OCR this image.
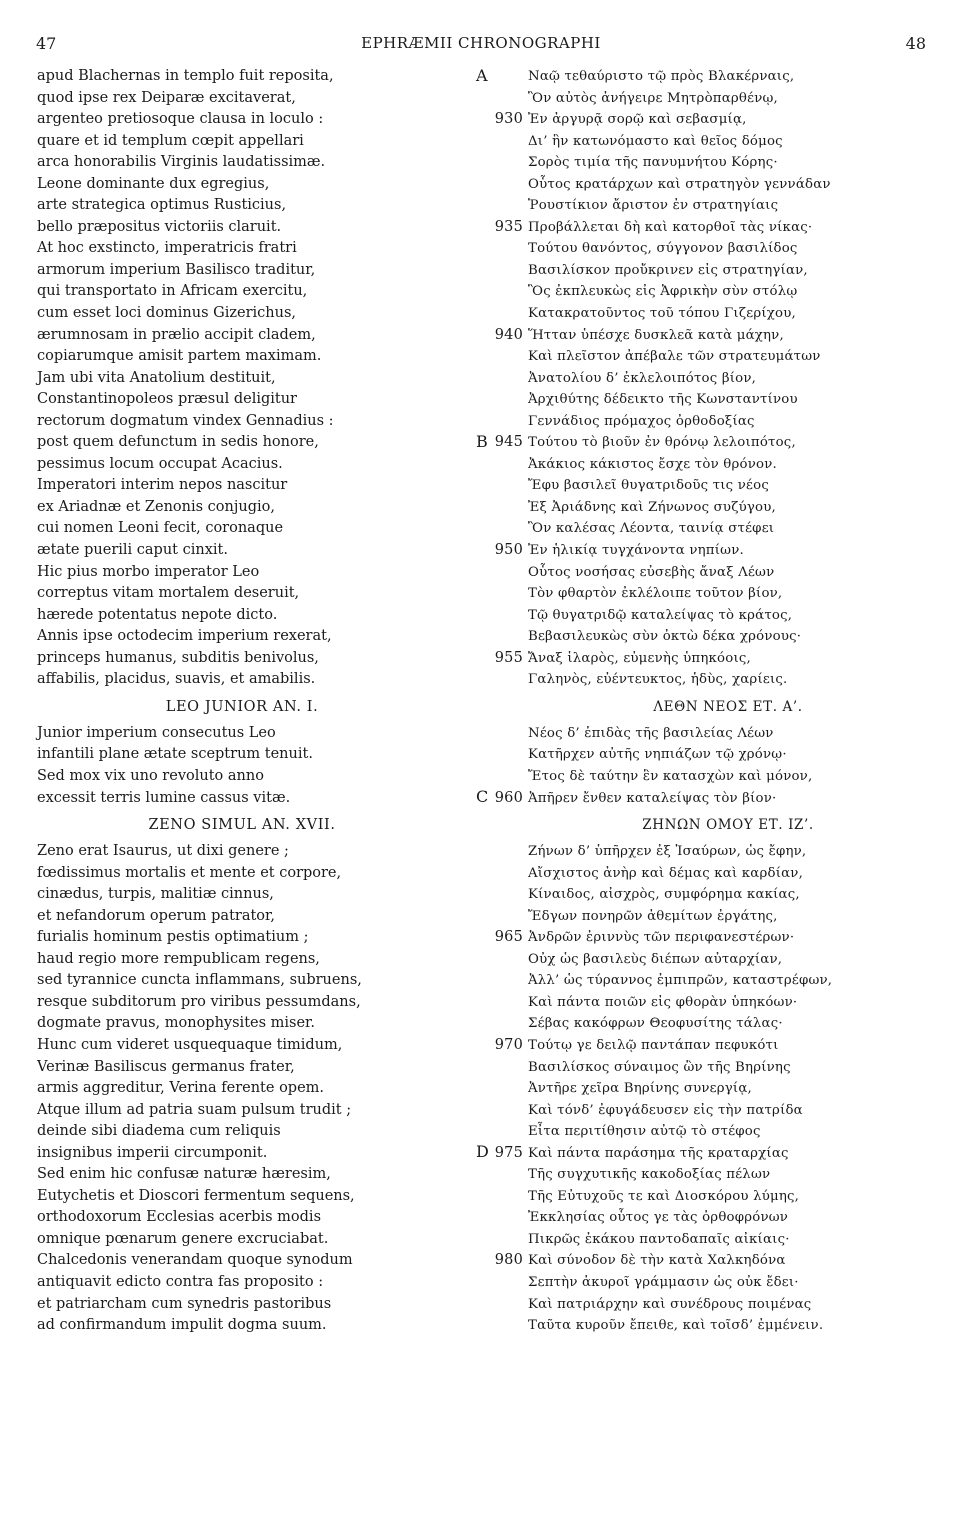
47	EPHRÆMII CHRONOGRAPHI	48
A
B
C
D
apud Blachernas in templo fuit reposita,
quod ipse rex Deiparæ excitaverat,
argenteo pretiosoque clausa in loculo :
quare et id templum cœpit appellari
arca honorabilis Virginis laudatissimæ.
Leone dominante dux egregius,
arte strategica optimus Rusticius,
bello præpositus victoriis claruit.
At hoc exstincto, imperatricis fratri
armorum imperium Basilisco traditur,
qui transportato in Africam exercitu,
cum esset loci dominus Gizerichus,
ærumnosam in prælio accipit cladem,
copiarumque amisit partem maximam.
Jam ubi vita Anatolium destituit,
Constantinopoleos præsul deligitur
rectorum dogmatum vindex Gennadius :
post quem defunctum in sedis honore,
pessimus locum occupat Acacius.
Imperatori interim nepos nascitur
ex Ariadnæ et Zenonis conjugio,
cui nomen Leoni fecit, coronaque
ætate puerili caput cinxit.
Hic pius morbo imperator Leo
correptus vitam mortalem deseruit,
hærede potentatus nepote dicto.
Annis ipse octodecim imperium rexerat,
princeps humanus, subditis benivolus,
affabilis, placidus, suavis, et amabilis.
LEO JUNIOR AN. I.
Junior imperium consecutus Leo
infantili plane ætate sceptrum tenuit.
Sed mox vix uno revoluto anno
excessit terris lumine cassus vitæ.
ZENO SIMUL AN. XVII.
Zeno erat Isaurus, ut dixi genere ;
fœdissimus mortalis et mente et corpore,
cinædus, turpis, malitiæ cinnus,
et nefandorum operum patrator,
furialis hominum pestis optimatium ;
haud regio more rempublicam regens,
sed tyrannice cuncta inflammans, subruens,
resque subditorum pro viribus pessumdans,
dogmate pravus, monophysites miser.
Hunc cum videret usquequaque timidum,
Verinæ Basiliscus germanus frater,
armis aggreditur, Verina ferente opem.
Atque illum ad patria suam pulsum trudit ;
deinde sibi diadema cum reliquis
insignibus imperii circumponit.
Sed enim hic confusæ naturæ hæresim,
Eutychetis et Dioscori fermentum sequens,
orthodoxorum Ecclesias acerbis modis
omnique pœnarum genere excruciabat.
Chalcedonis venerandam quoque synodum
antiquavit edicto contra fas proposito :
et patriarcham cum synedris pastoribus
ad confirmandum impulit dogma suum.
Ναῷ τεθαύριστο τῷ πρὸς Βλακέρναις,
Ὃν αὐτὸς ἀνήγειρε Μητρὸπαρθένῳ,
930 Ἐν ἀργυρᾷ σορῷ καὶ σεβασμίᾳ,
Δι’ ἣν κατωνόμαστο καὶ θεῖος δόμος
Σορὸς τιμία τῆς πανυμνήτου Κόρης·
Οὗτος κρατάρχων καὶ στρατηγὸν γεννάδαν
Ῥουστίκιον ἄριστον ἐν στρατηγίαις
935 Προβάλλεται δὴ καὶ κατορθοῖ τὰς νίκας·
Τούτου θανόντος, σύγγονον βασιλίδος
Βασιλίσκον προὔκρινεν εἰς στρατηγίαν,
Ὃς ἐκπλευκὼς εἰς Ἀφρικὴν σὺν στόλῳ
Κατακρατοῦντος τοῦ τόπου Γιζερίχου,
940 Ἥτταν ὑπέσχε δυσκλεᾶ κατὰ μάχην,
Καὶ πλεῖστον ἀπέβαλε τῶν στρατευμάτων
Ἀνατολίου δ’ ἐκλελοιπότος βίον,
Ἀρχιθύτης δέδεικτο τῆς Κωνσταντίνου
Γεννάδιος πρόμαχος ὀρθοδοξίας
945 Τούτου τὸ βιοῦν ἐν θρόνῳ λελοιπότος,
Ἀκάκιος κάκιστος ἔσχε τὸν θρόνον.
Ἔφυ βασιλεῖ θυγατριδοῦς τις νέος
Ἐξ Ἀριάδνης καὶ Ζήνωνος συζύγου,
Ὃν καλέσας Λέοντα, ταινίᾳ στέφει
950 Ἐν ἡλικίᾳ τυγχάνοντα νηπίων.
Οὗτος νοσήσας εὐσεβὴς ἄναξ Λέων
Τὸν φθαρτὸν ἐκλέλοιπε τοῦτον βίον,
Τῷ θυγατριδῷ καταλείψας τὸ κράτος,
Βεβασιλευκὼς σὺν ὀκτὼ δέκα χρόνους·
955 Ἄναξ ἱλαρὸς, εὐμενὴς ὑπηκόοις,
Γαληνὸς, εὐέντευκτος, ἡδὺς, χαρίεις.
ΛΕΘΝ ΝΕΟΣ ΕΤ. Α’.
Νέος δ’ ἐπιδὰς τῆς βασιλείας Λέων
Κατῆρχεν αὐτῆς νηπιάζων τῷ χρόνῳ·
Ἔτος δὲ ταύτην ἓν κατασχὼν καὶ μόνον,
960 Ἀπῆρεν ἔνθεν καταλείψας τὸν βίον·
ΖΗΝΩΝ ΟΜΟΥ ΕΤ. ΙΖ’.
Ζήνων δ’ ὑπῆρχεν ἐξ Ἰσαύρων, ὡς ἔφην,
Αἴσχιστος ἀνὴρ καὶ δέμας καὶ καρδίαν,
Κίναιδος, αἰσχρὸς, συμφόρημα κακίας,
Ἔδγων πονηρῶν ἀθεμίτων ἐργάτης,
965 Ἀνδρῶν ἐριννὺς τῶν περιφανεστέρων·
Οὐχ ὡς βασιλεὺς διέπων αὐταρχίαν,
Ἀλλ’ ὡς τύραννος ἐμπιπρῶν, καταστρέφων,
Καὶ πάντα ποιῶν εἰς φθορὰν ὑπηκόων·
Σέβας κακόφρων Θεοφυσίτης τάλας·
970 Τούτῳ γε δειλῷ παντάπαν πεφυκότι
Βασιλίσκος σύναιμος ὢν τῆς Βηρίνης
Ἀντῆρε χεῖρα Βηρίνης συνεργίᾳ,
Καὶ τόνδ’ ἐφυγάδευσεν εἰς τὴν πατρίδα
Εἶτα περιτίθησιν αὐτῷ τὸ στέφος
975 Καὶ πάντα παράσημα τῆς κραταρχίας
Τῆς συγχυτικῆς κακοδοξίας πέλων
Τῆς Εὐτυχοῦς τε καὶ Διοσκόρου λύμης,
Ἐκκλησίας οὗτος γε τὰς ὀρθοφρόνων
Πικρῶς ἐκάκου παντοδαπαῖς αἰκίαις·
980 Καὶ σύνοδον δὲ τὴν κατὰ Χαλκηδόνα
Σεπτὴν ἀκυροῖ γράμμασιν ὡς οὐκ ἔδει·
Καὶ πατριάρχην καὶ συνέδρους ποιμένας
Ταῦτα κυροῦν ἔπειθε, καὶ τοῖσδ’ ἐμμένειν.
